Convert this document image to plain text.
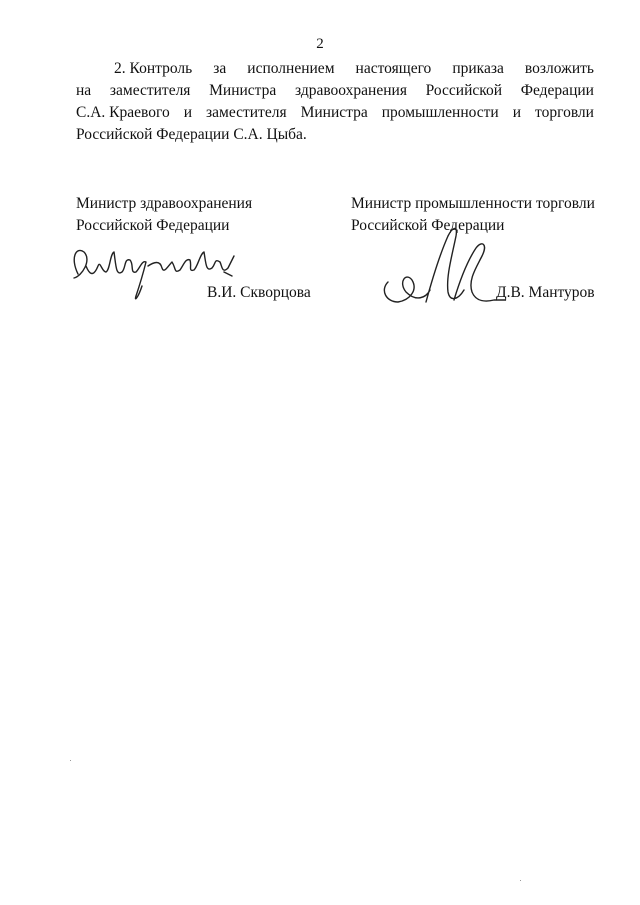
2
2. Контроль за исполнением настоящего приказа возложить
на заместителя Министра здравоохранения Российской Федерации
С.А. Краевого и заместителя Министра промышленности и торговли
Российской Федерации С.А. Цыба.
Министр здравоохранения
Российской Федерации
Министр промышленности торговли
Российской Федерации
В.И. Скворцова	Д.В. Мантуров
